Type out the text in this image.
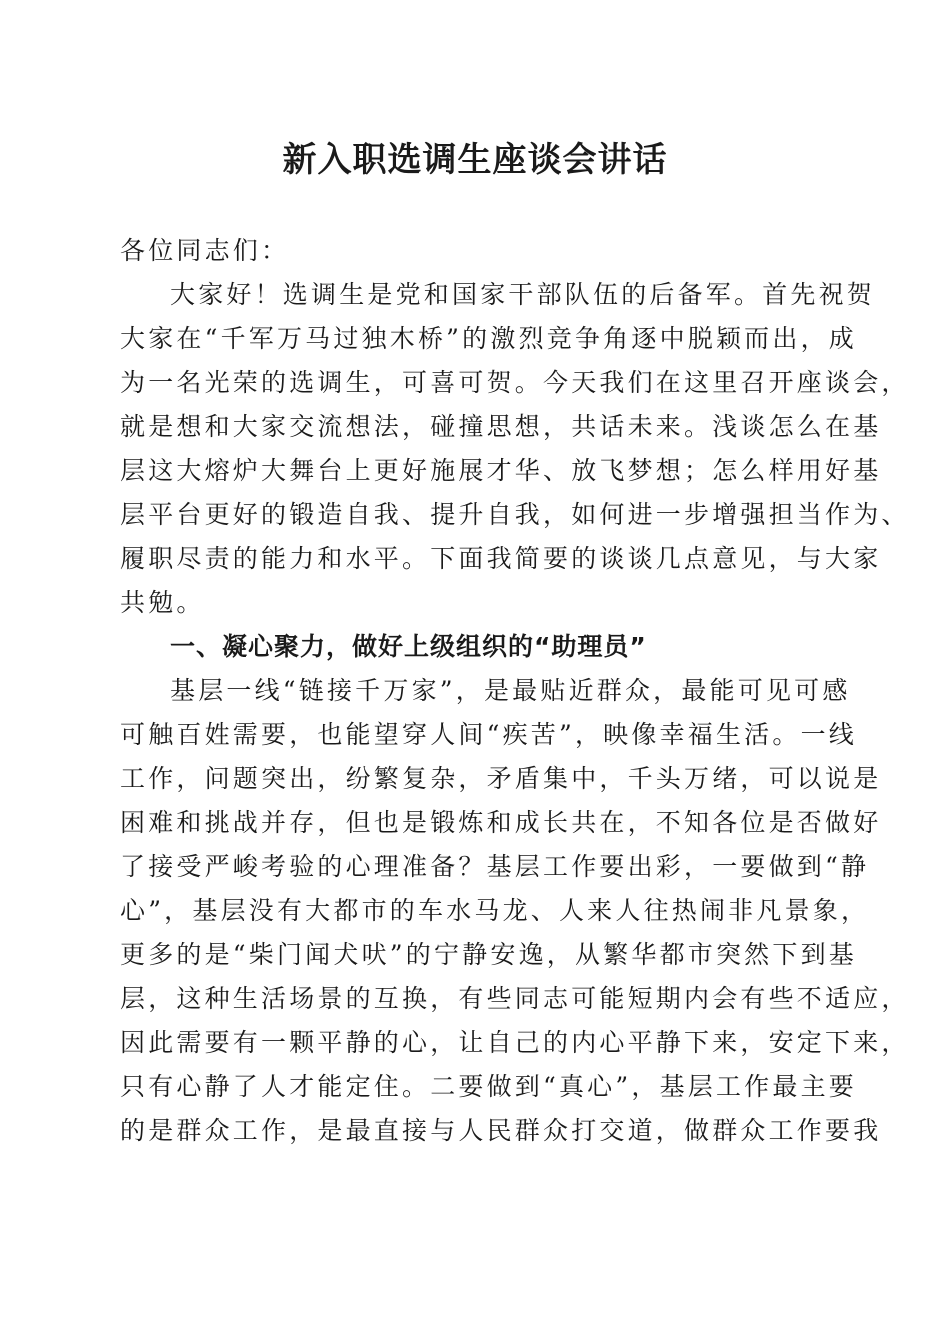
新入职选调生座谈会讲话

各位同志们：

大家好！选调生是党和国家干部队伍的后备军。首先祝贺

大家在“千军万马过独木桥”的激烈竞争角逐中脱颖而出，成

为一名光荣的选调生，可喜可贺。今天我们在这里召开座谈会，

就是想和大家交流想法，碰撞思想，共话未来。浅谈怎么在基

层这大熔炉大舞台上更好施展才华、放飞梦想；怎么样用好基

层平台更好的锻造自我、提升自我，如何进一步增强担当作为、

履职尽责的能力和水平。下面我简要的谈谈几点意见，与大家

共勉。

一、凝心聚力，做好上级组织的“助理员”

基层一线“链接千万家”，是最贴近群众，最能可见可感

可触百姓需要，也能望穿人间“疾苦”，映像幸福生活。一线

工作，问题突出，纷繁复杂，矛盾集中，千头万绪，可以说是

困难和挑战并存，但也是锻炼和成长共在，不知各位是否做好

了接受严峻考验的心理准备？基层工作要出彩，一要做到“静

心”，基层没有大都市的车水马龙、人来人往热闹非凡景象，

更多的是“柴门闻犬吠”的宁静安逸，从繁华都市突然下到基

层，这种生活场景的互换，有些同志可能短期内会有些不适应，

因此需要有一颗平静的心，让自己的内心平静下来，安定下来，

只有心静了人才能定住。二要做到“真心”，基层工作最主要

的是群众工作，是最直接与人民群众打交道，做群众工作要我
